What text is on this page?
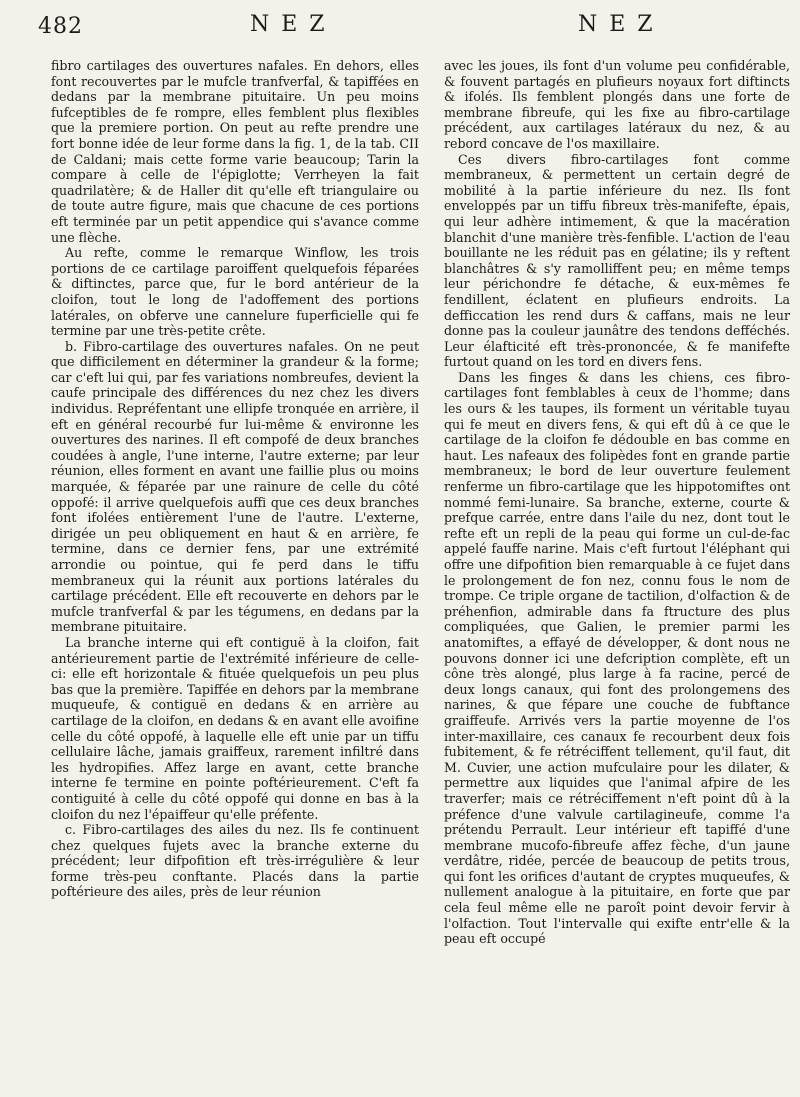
482	NEZ	NEZ

fibro cartilages des ouvertures nafales. En dehors, elles font recouvertes par le mufcle tranfverfal, & tapiffées en dedans par la membrane pituitaire. Un peu moins fufceptibles de fe rompre, elles femblent plus flexibles que la premiere portion. On peut au refte prendre une fort bonne idée de leur forme dans la fig. 1, de la tab. CII de Caldani; mais cette forme varie beaucoup; Tarin la compare à celle de l'épiglotte; Verrheyen la fait quadrilatère; & de Haller dit qu'elle eft triangulaire ou de toute autre figure, mais que chacune de ces portions eft terminée par un petit appendice qui s'avance comme une flèche.

Au refte, comme le remarque Winflow, les trois portions de ce cartilage paroiffent quelquefois féparées & diftinctes, parce que, fur le bord antérieur de la cloifon, tout le long de l'adoffement des portions latérales, on obferve une cannelure fuperficielle qui fe termine par une très-petite crête.

b. Fibro-cartilage des ouvertures nafales. On ne peut que difficilement en déterminer la grandeur & la forme; car c'eft lui qui, par fes variations nombreufes, devient la caufe principale des différences du nez chez les divers individus. Repréfentant une ellipfe tronquée en arrière, il eft en général recourbé fur lui-même & environne les ouvertures des narines. Il eft compofé de deux branches coudées à angle, l'une interne, l'autre externe; par leur réunion, elles forment en avant une faillie plus ou moins marquée, & féparée par une rainure de celle du côté oppofé: il arrive quelquefois auffi que ces deux branches font ifolées entièrement l'une de l'autre. L'externe, dirigée un peu obliquement en haut & en arrière, fe termine, dans ce dernier fens, par une extrémité arrondie ou pointue, qui fe perd dans le tiffu membraneux qui la réunit aux portions latérales du cartilage précédent. Elle eft recouverte en dehors par le mufcle tranfverfal & par les tégumens, en dedans par la membrane pituitaire.

La branche interne qui eft contiguë à la cloifon, fait antérieurement partie de l'extrémité inférieure de celle-ci: elle eft horizontale & fituée quelquefois un peu plus bas que la première. Tapiffée en dehors par la membrane muqueufe, & contiguë en dedans & en arrière au cartilage de la cloifon, en dedans & en avant elle avoifine celle du côté oppofé, à laquelle elle eft unie par un tiffu cellulaire lâche, jamais graiffeux, rarement infiltré dans les hydropifies. Affez large en avant, cette branche interne fe termine en pointe poftérieurement. C'eft fa contiguité à celle du côté oppofé qui donne en bas à la cloifon du nez l'épaiffeur qu'elle préfente.

c. Fibro-cartilages des ailes du nez. Ils fe continuent chez quelques fujets avec la branche externe du précédent; leur difpofition eft très-irrégulière & leur forme très-peu conftante. Placés dans la partie poftérieure des ailes, près de leur réunion

avec les joues, ils font d'un volume peu confidérable, & fouvent partagés en plufieurs noyaux fort diftincts & ifolés. Ils femblent plongés dans une forte de membrane fibreufe, qui les fixe au fibro-cartilage précédent, aux cartilages latéraux du nez, & au rebord concave de l'os maxillaire.

Ces divers fibro-cartilages font comme membraneux, & permettent un certain degré de mobilité à la partie inférieure du nez. Ils font enveloppés par un tiffu fibreux très-manifefte, épais, qui leur adhère intimement, & que la macération blanchit d'une manière très-fenfible. L'action de l'eau bouillante ne les réduit pas en gélatine; ils y reftent blanchâtres & s'y ramolliffent peu; en même temps leur périchondre fe détache, & eux-mêmes fe fendillent, éclatent en plufieurs endroits. La defficcation les rend durs & caffans, mais ne leur donne pas la couleur jaunâtre des tendons defféchés. Leur élafticité eft très-prononcée, & fe manifefte furtout quand on les tord en divers fens.

Dans les finges & dans les chiens, ces fibro-cartilages font femblables à ceux de l'homme; dans les ours & les taupes, ils forment un véritable tuyau qui fe meut en divers fens, & qui eft dû à ce que le cartilage de la cloifon fe dédouble en bas comme en haut. Les nafeaux des folipèdes font en grande partie membraneux; le bord de leur ouverture feulement renferme un fibro-cartilage que les hippotomiftes ont nommé femi-lunaire. Sa branche, externe, courte & prefque carrée, entre dans l'aile du nez, dont tout le refte eft un repli de la peau qui forme un cul-de-fac appelé fauffe narine. Mais c'eft furtout l'éléphant qui offre une difpofition bien remarquable à ce fujet dans le prolongement de fon nez, connu fous le nom de trompe. Ce triple organe de tactilion, d'olfaction & de préhenfion, admirable dans fa ftructure des plus compliquées, que Galien, le premier parmi les anatomiftes, a effayé de développer, & dont nous ne pouvons donner ici une defcription complète, eft un cône très alongé, plus large à fa racine, percé de deux longs canaux, qui font des prolongemens des narines, & que fépare une couche de fubftance graiffeufe. Arrivés vers la partie moyenne de l'os inter-maxillaire, ces canaux fe recourbent deux fois fubitement, & fe rétréciffent tellement, qu'il faut, dit M. Cuvier, une action mufculaire pour les dilater, & permettre aux liquides que l'animal afpire de les traverfer; mais ce rétréciffement n'eft point dû à la préfence d'une valvule cartilagineufe, comme l'a prétendu Perrault. Leur intérieur eft tapiffé d'une membrane mucofo-fibreufe affez fèche, d'un jaune verdâtre, ridée, percée de beaucoup de petits trous, qui font les orifices d'autant de cryptes muqueufes, & nullement analogue à la pituitaire, en forte que par cela feul même elle ne paroît point devoir fervir à l'olfaction. Tout l'intervalle qui exifte entr'elle & la peau eft occupé
